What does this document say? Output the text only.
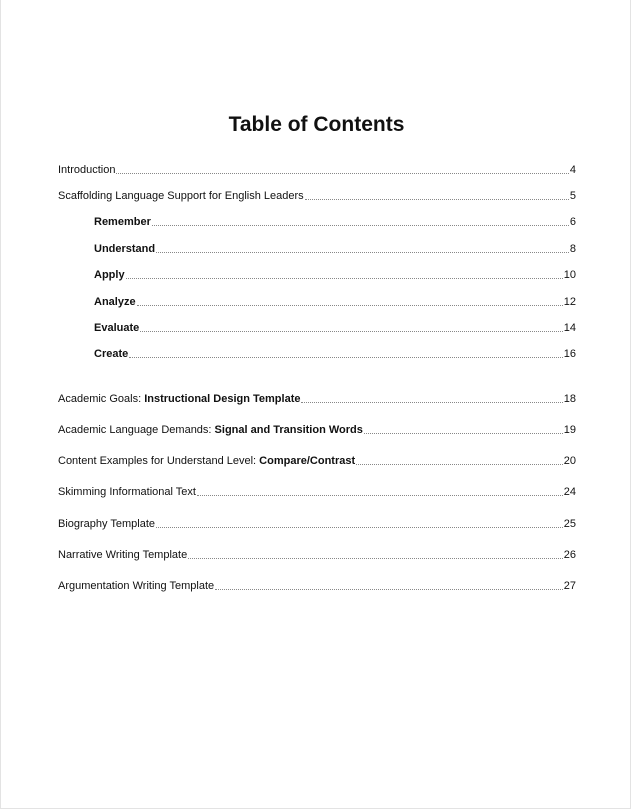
Table of Contents
Introduction	4
Scaffolding Language Support for English Leaders	5
Remember	6
Understand	8
Apply	10
Analyze	12
Evaluate	14
Create	16
Academic Goals: Instructional Design Template	18
Academic Language Demands: Signal and Transition Words	19
Content Examples for Understand Level: Compare/Contrast	20
Skimming Informational Text	24
Biography Template	25
Narrative Writing Template	26
Argumentation Writing Template	27
